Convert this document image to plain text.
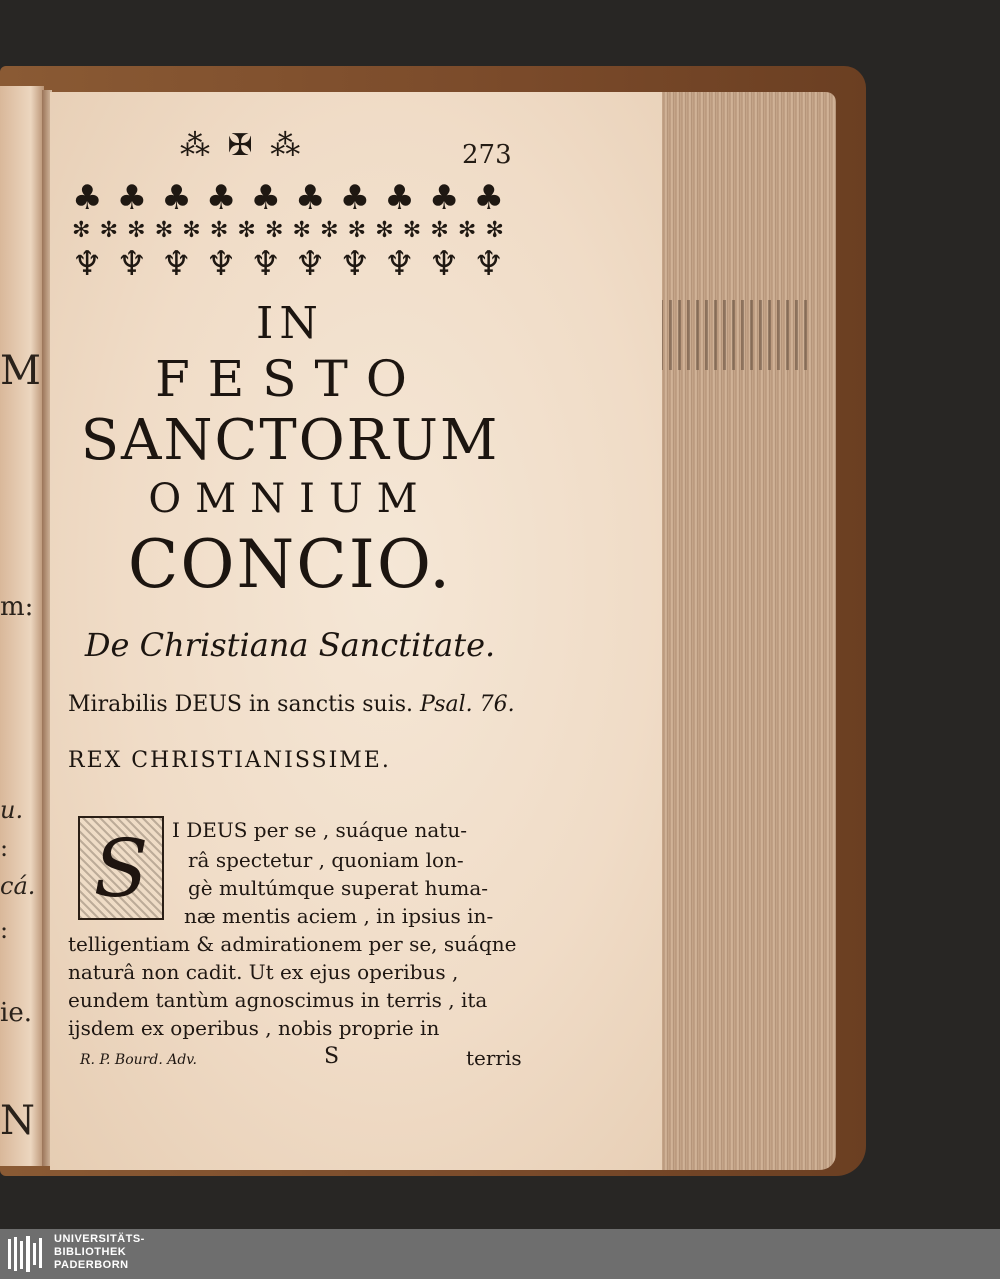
M
m:
u.
:
cá.
:
ie.
N
⁂ ✠ ⁂	273
♣ ♣ ♣ ♣ ♣ ♣ ♣ ♣ ♣ ♣
✻ ✻ ✻ ✻ ✻ ✻ ✻ ✻ ✻ ✻ ✻ ✻ ✻ ✻ ✻ ✻
♆ ♆ ♆ ♆ ♆ ♆ ♆ ♆ ♆ ♆
IN
FESTO
SANCTORUM
OMNIUM
CONCIO.
De Christiana Sanctitate.
Mirabilis DEUS in sanctis suis. Psal. 76.
REX CHRISTIANISSIME.
S	I DEUS per se , suáque natu-
râ spectetur , quoniam lon-
gè multúmque superat huma-
næ mentis aciem , in ipsius in-
telligentiam & admirationem per se, suáqne
naturâ non cadit. Ut ex ejus operibus ,
eundem tantùm agnoscimus in terris , ita
ijsdem ex operibus , nobis proprie in
R. P. Bourd. Adv.	S	terris
UNIVERSITÄTS-
BIBLIOTHEK
PADERBORN
